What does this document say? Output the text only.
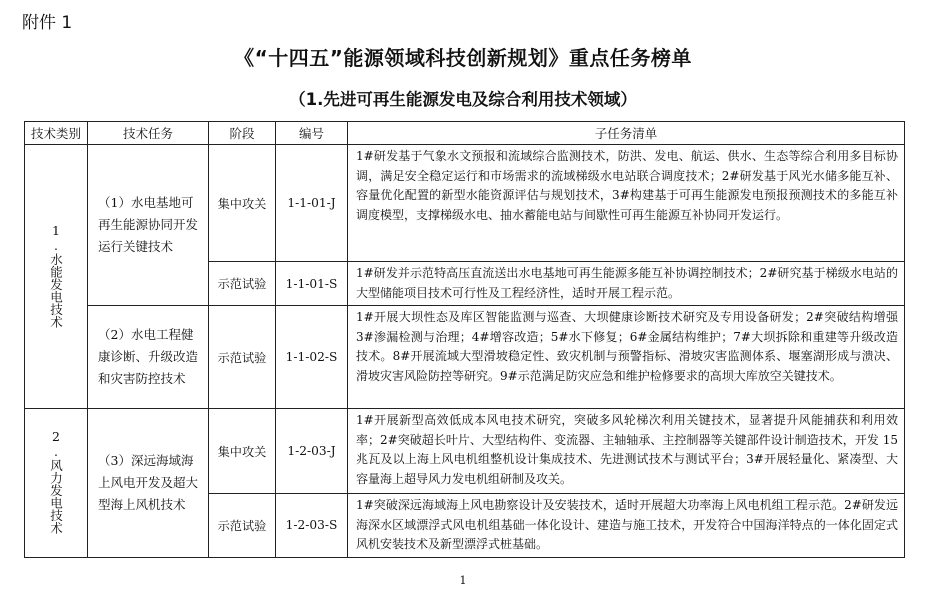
附件 1
《“十四五”能源领域科技创新规划》重点任务榜单
（1.先进可再生能源发电及综合利用技术领域）
技术类别	技术任务	阶段	编号	子任务清单
1.水能发电技术	（1）水电基地可再生能源协同开发运行关键技术	集中攻关	1-1-01-J	1#研发基于气象水文预报和流域综合监测技术，防洪、发电、航运、供水、生态等综合利用多目标协调，满足安全稳定运行和市场需求的流域梯级水电站联合调度技术；2#研发基于风光水储多能互补、容量优化配置的新型水能资源评估与规划技术，3#构建基于可再生能源发电预报预测技术的多能互补调度模型，支撑梯级水电、抽水蓄能电站与间歇性可再生能源互补协同开发运行。
		示范试验	1-1-01-S	1#研发并示范特高压直流送出水电基地可再生能源多能互补协调控制技术；2#研究基于梯级水电站的大型储能项目技术可行性及工程经济性，适时开展工程示范。
	（2）水电工程健康诊断、升级改造和灾害防控技术	示范试验	1-1-02-S	1#开展大坝性态及库区智能监测与巡查、大坝健康诊断技术研究及专用设备研发；2#突破结构增强 3#渗漏检测与治理；4#增容改造；5#水下修复；6#金属结构维护；7#大坝拆除和重建等升级改造技术。8#开展流域大型滑坡稳定性、致灾机制与预警指标、滑坡灾害监测体系、堰塞湖形成与溃决、滑坡灾害风险防控等研究。9#示范满足防灾应急和维护检修要求的高坝大库放空关键技术。
2.风力发电技术	（3）深远海域海上风电开发及超大型海上风机技术	集中攻关	1-2-03-J	1#开展新型高效低成本风电技术研究，突破多风轮梯次利用关键技术，显著提升风能捕获和利用效率；2#突破超长叶片、大型结构件、变流器、主轴轴承、主控制器等关键部件设计制造技术，开发 15 兆瓦及以上海上风电机组整机设计集成技术、先进测试技术与测试平台；3#开展轻量化、紧凑型、大容量海上超导风力发电机组研制及攻关。
		示范试验	1-2-03-S	1#突破深远海域海上风电勘察设计及安装技术，适时开展超大功率海上风电机组工程示范。2#研发远海深水区域漂浮式风电机组基础一体化设计、建造与施工技术，开发符合中国海洋特点的一体化固定式风机安装技术及新型漂浮式桩基础。
1
